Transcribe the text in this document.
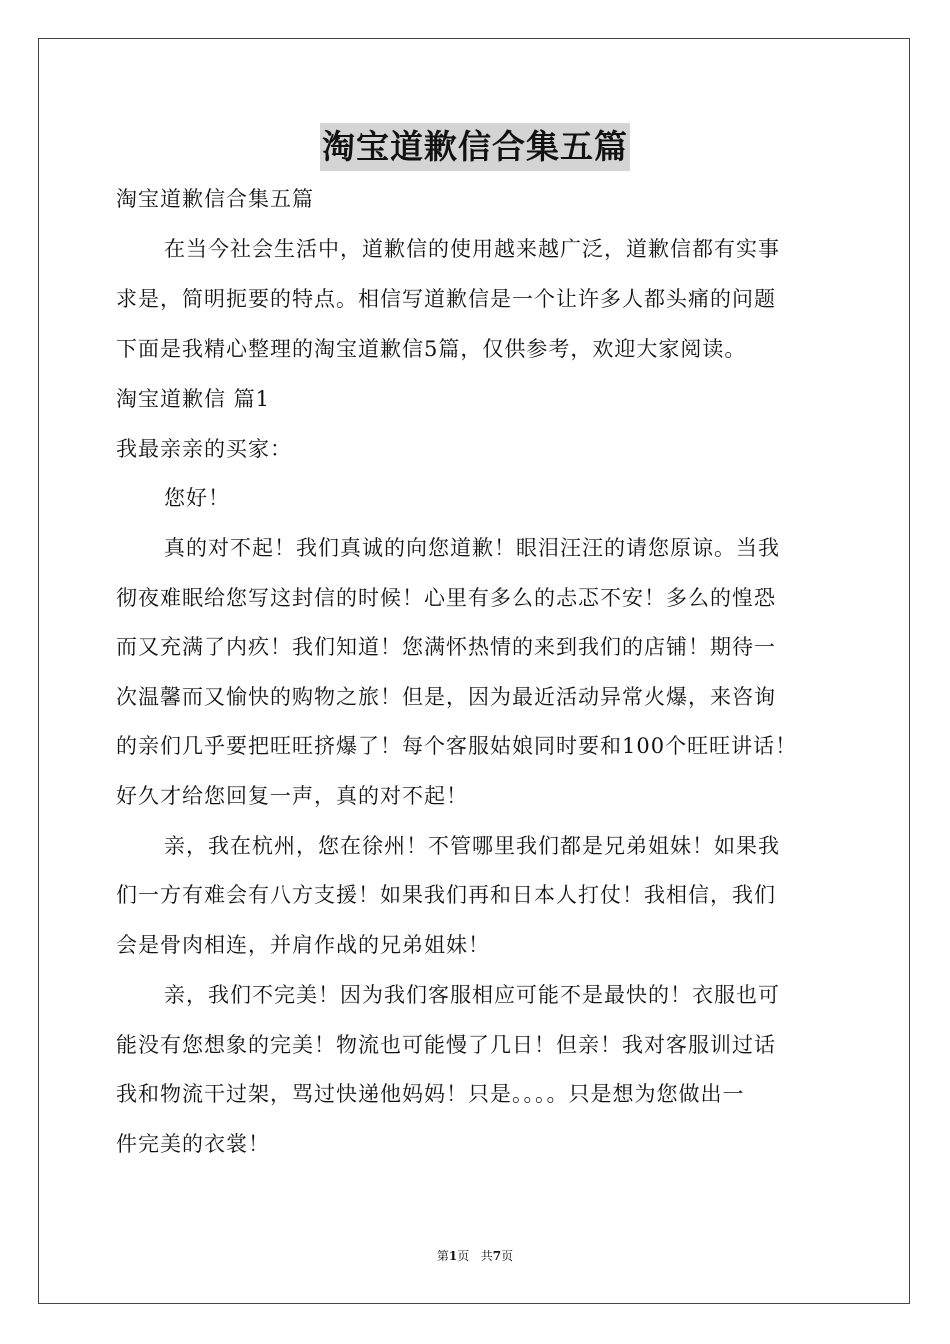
淘宝道歉信合集五篇
淘宝道歉信合集五篇
在当今社会生活中，道歉信的使用越来越广泛，道歉信都有实事
求是，简明扼要的特点。相信写道歉信是一个让许多人都头痛的问题
下面是我精心整理的淘宝道歉信5篇，仅供参考，欢迎大家阅读。
淘宝道歉信 篇1
我最亲亲的买家：
您好！
真的对不起！我们真诚的向您道歉！眼泪汪汪的请您原谅。当我
彻夜难眠给您写这封信的时候！心里有多么的忐忑不安！多么的惶恐
而又充满了内疚！我们知道！您满怀热情的来到我们的店铺！期待一
次温馨而又愉快的购物之旅！但是，因为最近活动异常火爆，来咨询
的亲们几乎要把旺旺挤爆了！每个客服姑娘同时要和100个旺旺讲话！
好久才给您回复一声，真的对不起！
亲，我在杭州，您在徐州！不管哪里我们都是兄弟姐妹！如果我
们一方有难会有八方支援！如果我们再和日本人打仗！我相信，我们
会是骨肉相连，并肩作战的兄弟姐妹！
亲，我们不完美！因为我们客服相应可能不是最快的！衣服也可
能没有您想象的完美！物流也可能慢了几日！但亲！我对客服训过话
我和物流干过架，骂过快递他妈妈！只是。。。。只是想为您做出一
件完美的衣裳！
第1页 共7页
